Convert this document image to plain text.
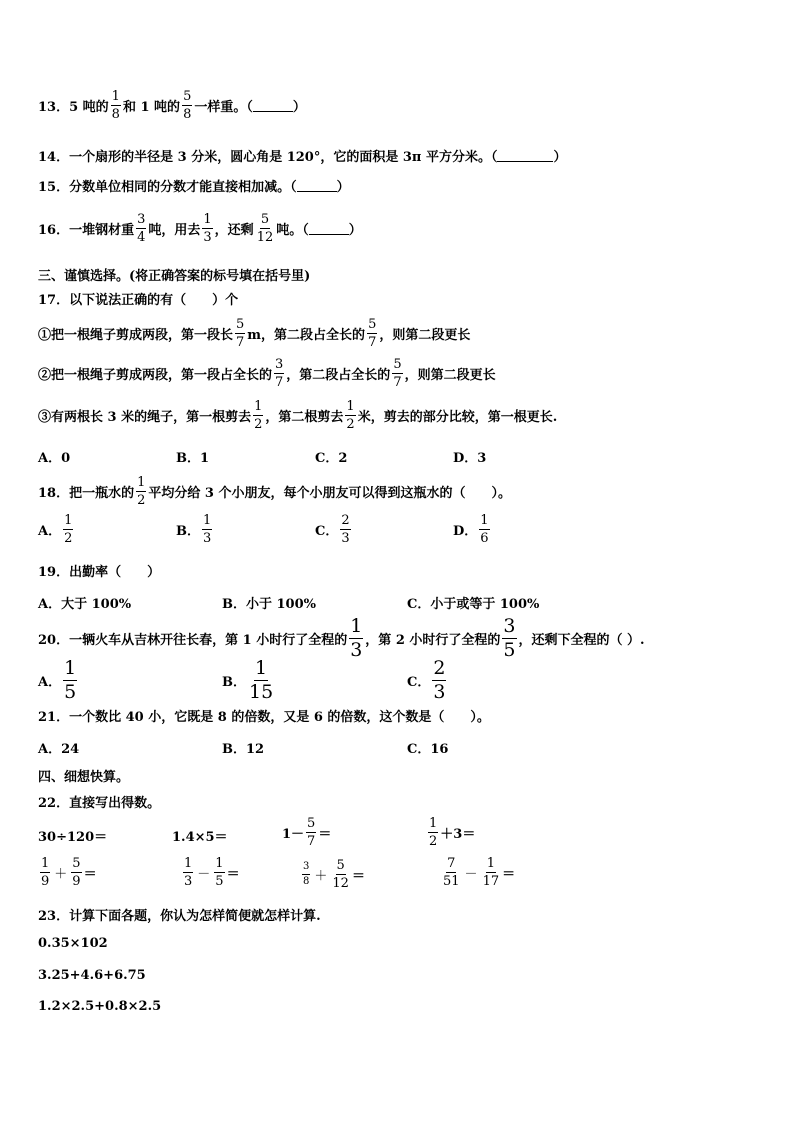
13．5 吨的 $\frac{1}{8}$ 和 1 吨的 $\frac{5}{8}$ 一样重。（	）
14．一个扇形的半径是 3 分米，圆心角是 120°，它的面积是 3π 平方分米。（	）
15．分数单位相同的分数才能直接相加减。（	）
16．一堆钢材重 $\frac{3}{4}$ 吨，用去 $\frac{1}{3}$ ，还剩 $\frac{5}{12}$ 吨。（	）
三、谨慎选择。(将正确答案的标号填在括号里)
17．以下说法正确的有（　　）个
①把一根绳子剪成两段，第一段长 $\frac{5}{7}$ m，第二段占全长的 $\frac{5}{7}$ ，则第二段更长
②把一根绳子剪成两段，第一段占全长的 $\frac{3}{7}$ ，第二段占全长的 $\frac{5}{7}$ ，则第二段更长
③有两根长 3 米的绳子，第一根剪去 $\frac{1}{2}$ ，第二根剪去 $\frac{1}{2}$ 米，剪去的部分比较，第一根更长.
A．0	B．1	C．2	D．3
18．把一瓶水的 $\frac{1}{2}$ 平均分给 3 个小朋友，每个小朋友可以得到这瓶水的（　　）。
A． $\frac{1}{2}$	B． $\frac{1}{3}$	C． $\frac{2}{3}$	D． $\frac{1}{6}$
19．出勤率（　　）
A．大于 100%	B．小于 100%	C．小于或等于 100%
20．一辆火车从吉林开往长春，第 1 小时行了全程的 $\frac{1}{3}$ ，第 2 小时行了全程的 $\frac{3}{5}$ ，还剩下全程的（ ）.
A． $\frac{1}{5}$	B． $\frac{1}{15}$	C． $\frac{2}{3}$
21．一个数比 40 小，它既是 8 的倍数，又是 6 的倍数，这个数是（　　）。
A．24	B．12	C．16
四、细想快算。
22．直接写出得数。
30÷120＝	1.4×5＝	$1- \frac{5}{7}$ ＝	$\frac{1}{2} +3=$
$\frac{1}{9} + \frac{5}{9}$ ＝	$\frac{1}{3} - \frac{1}{5}$ ＝	$\frac{3}{8} + \frac{5}{12}$ ＝	$\frac{7}{51} - \frac{1}{17}$ ＝
23．计算下面各题，你认为怎样简便就怎样计算.
0.35×102
3.25+4.6+6.75
1.2×2.5+0.8×2.5
